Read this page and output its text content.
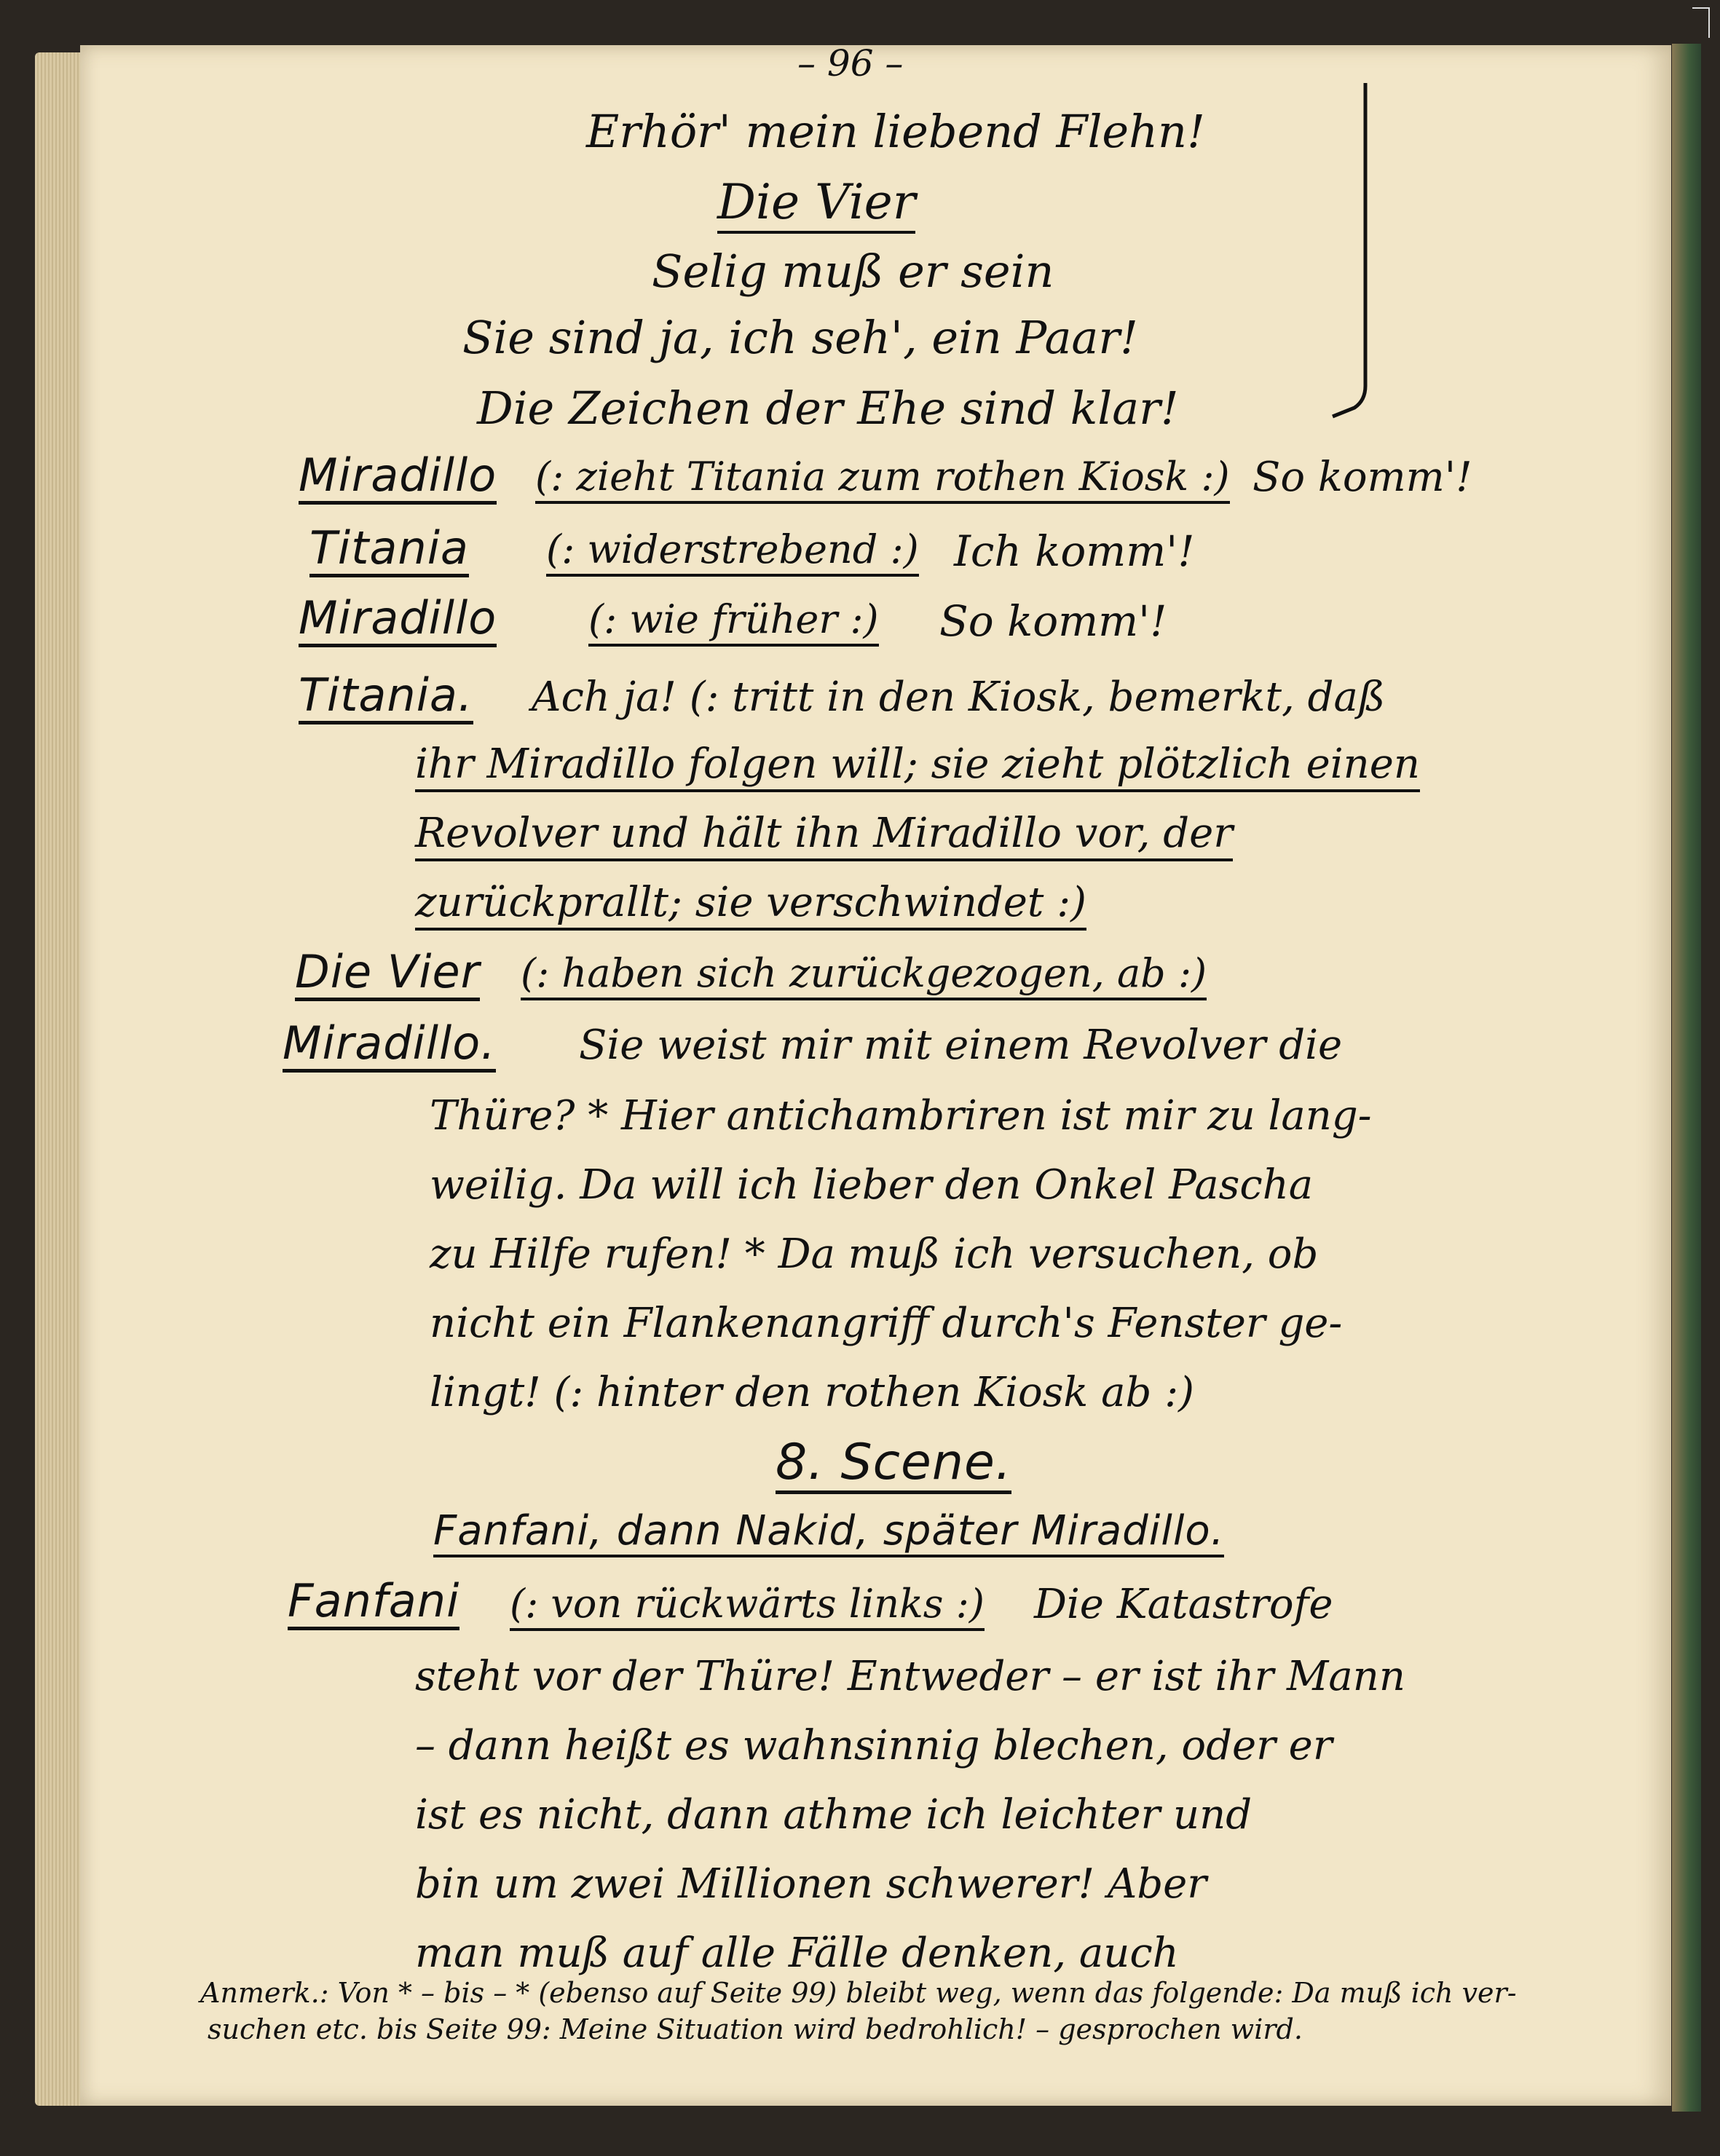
– 96 –
Erhör' mein liebend Flehn!
Die Vier
Selig muß er sein
Sie sind ja, ich seh', ein Paar!
Die Zeichen der Ehe sind klar!
Miradillo (: zieht Titania zum rothen Kiosk :) So komm'!
Titania (: widerstrebend :) Ich komm'!
Miradillo (: wie früher :) So komm'!
Titania. Ach ja! (: tritt in den Kiosk, bemerkt, daß
ihr Miradillo folgen will; sie zieht plötzlich einen
Revolver und hält ihn Miradillo vor, der
zurückprallt; sie verschwindet :)
Die Vier (: haben sich zurückgezogen, ab :)
Miradillo. Sie weist mir mit einem Revolver die
Thüre? * Hier antichambriren ist mir zu lang-
weilig. Da will ich lieber den Onkel Pascha
zu Hilfe rufen! * Da muß ich versuchen, ob
nicht ein Flankenangriff durch's Fenster ge-
lingt! (: hinter den rothen Kiosk ab :)
8. Scene.
Fanfani, dann Nakid, später Miradillo.
Fanfani (: von rückwärts links :) Die Katastrofe
steht vor der Thüre! Entweder – er ist ihr Mann
– dann heißt es wahnsinnig blechen, oder er
ist es nicht, dann athme ich leichter und
bin um zwei Millionen schwerer! Aber
man muß auf alle Fälle denken, auch
Anmerk.: Von * – bis – * (ebenso auf Seite 99) bleibt weg, wenn das folgende: Da muß ich ver-
suchen etc. bis Seite 99: Meine Situation wird bedrohlich! – gesprochen wird.
